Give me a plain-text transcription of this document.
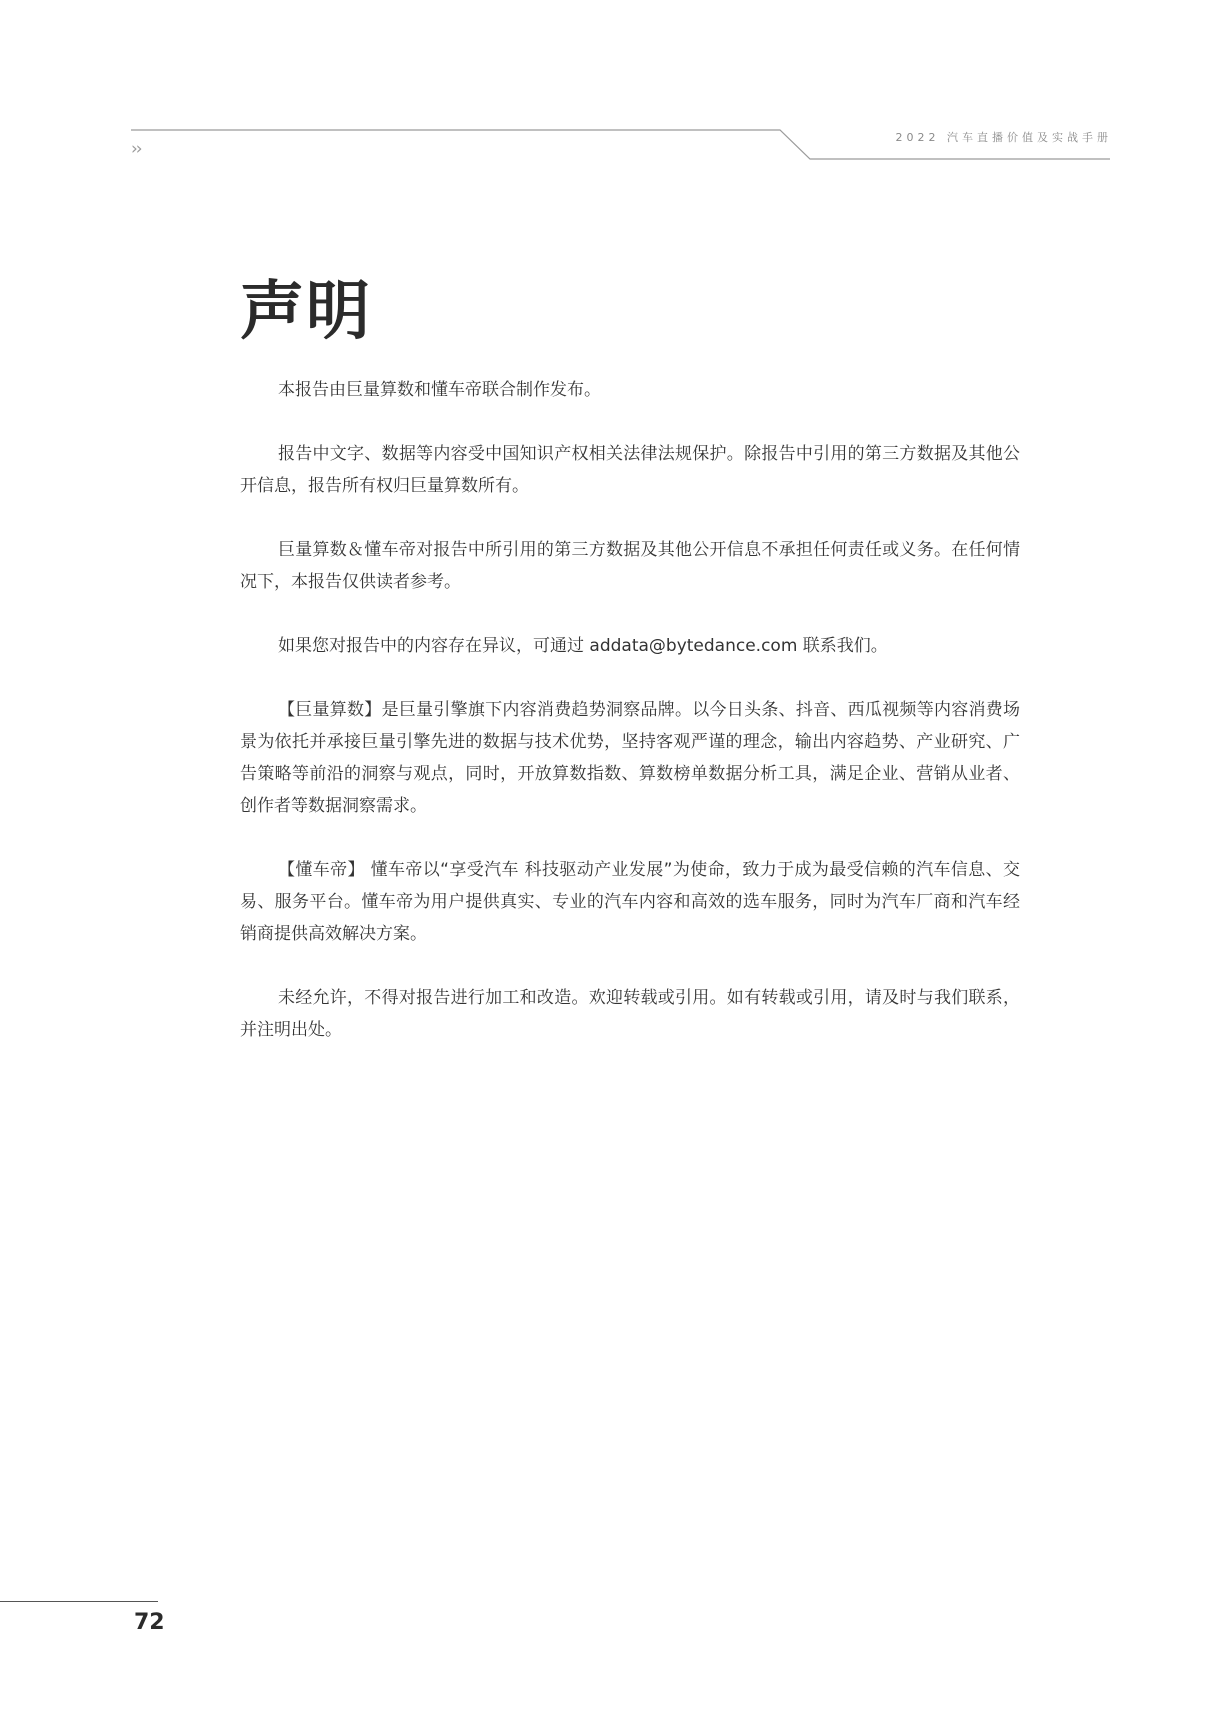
2022 汽车直播价值及实战手册
››
声明

本报告由巨量算数和懂车帝联合制作发布。

报告中文字、数据等内容受中国知识产权相关法律法规保护。除报告中引用的第三方数据及其他公开信息，报告所有权归巨量算数所有。

巨量算数＆懂车帝对报告中所引用的第三方数据及其他公开信息不承担任何责任或义务。在任何情况下，本报告仅供读者参考。

如果您对报告中的内容存在异议，可通过 addata@bytedance.com 联系我们。

【巨量算数】是巨量引擎旗下内容消费趋势洞察品牌。以今日头条、抖音、西瓜视频等内容消费场景为依托并承接巨量引擎先进的数据与技术优势，坚持客观严谨的理念，输出内容趋势、产业研究、广告策略等前沿的洞察与观点，同时，开放算数指数、算数榜单数据分析工具，满足企业、营销从业者、创作者等数据洞察需求。

【懂车帝】 懂车帝以“享受汽车 科技驱动产业发展”为使命，致力于成为最受信赖的汽车信息、交易、服务平台。懂车帝为用户提供真实、专业的汽车内容和高效的选车服务，同时为汽车厂商和汽车经销商提供高效解决方案。

未经允许，不得对报告进行加工和改造。欢迎转载或引用。如有转载或引用，请及时与我们联系，并注明出处。

72
